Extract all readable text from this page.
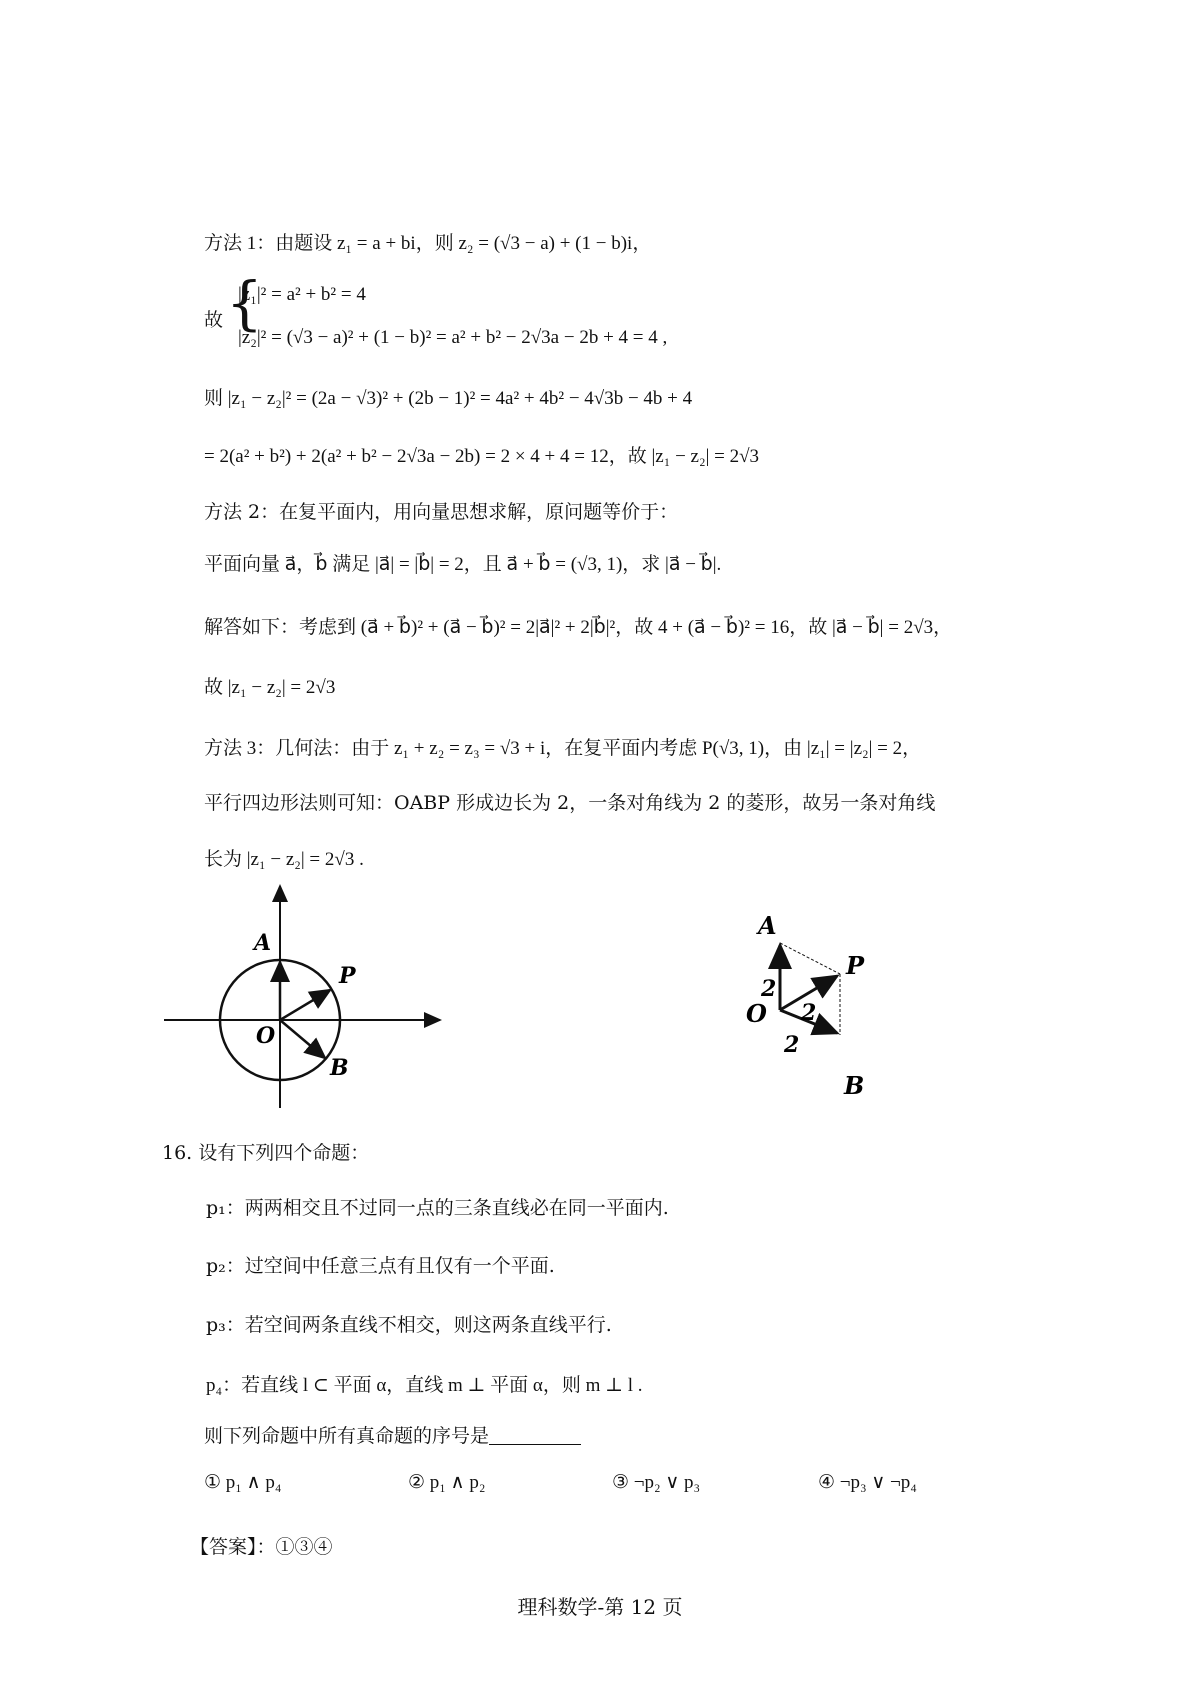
方法 1：由题设 z₁ = a + bi，则 z₂ = (√3 − a) + (1 − b)i，
故 {
|z₁|² = a² + b² = 4
|z₂|² = (√3 − a)² + (1 − b)² = a² + b² − 2√3a − 2b + 4 = 4 ,
则 |z₁ − z₂|² = (2a − √3)² + (2b − 1)² = 4a² + 4b² − 4√3b − 4b + 4
= 2(a² + b²) + 2(a² + b² − 2√3a − 2b) = 2 × 4 + 4 = 12，故 |z₁ − z₂| = 2√3
方法 2：在复平面内，用向量思想求解，原问题等价于：
平面向量 a⃗，b⃗ 满足 |a⃗| = |b⃗| = 2，且 a⃗ + b⃗ = (√3, 1)，求 |a⃗ − b⃗|.
解答如下：考虑到 (a⃗ + b⃗)² + (a⃗ − b⃗)² = 2|a⃗|² + 2|b⃗|²，故 4 + (a⃗ − b⃗)² = 16，故 |a⃗ − b⃗| = 2√3，
故 |z₁ − z₂| = 2√3
方法 3：几何法：由于 z₁ + z₂ = z₃ = √3 + i，在复平面内考虑 P(√3, 1)，由 |z₁| = |z₂| = 2，
平行四边形法则可知：OABP 形成边长为 2，一条对角线为 2 的菱形，故另一条对角线
长为 |z₁ − z₂| = 2√3 .
A
P
O
B
A
P
O
2
2
2
B
16. 设有下列四个命题：
p₁：两两相交且不过同一点的三条直线必在同一平面内.
p₂：过空间中任意三点有且仅有一个平面.
p₃：若空间两条直线不相交，则这两条直线平行.
p₄：若直线 l ⊂ 平面 α，直线 m ⊥ 平面 α，则 m ⊥ l .
则下列命题中所有真命题的序号是
① p₁ ∧ p₄	② p₁ ∧ p₂	③ ¬p₂ ∨ p₃	④ ¬p₃ ∨ ¬p₄
【答案】：①③④
理科数学-第 12 页
